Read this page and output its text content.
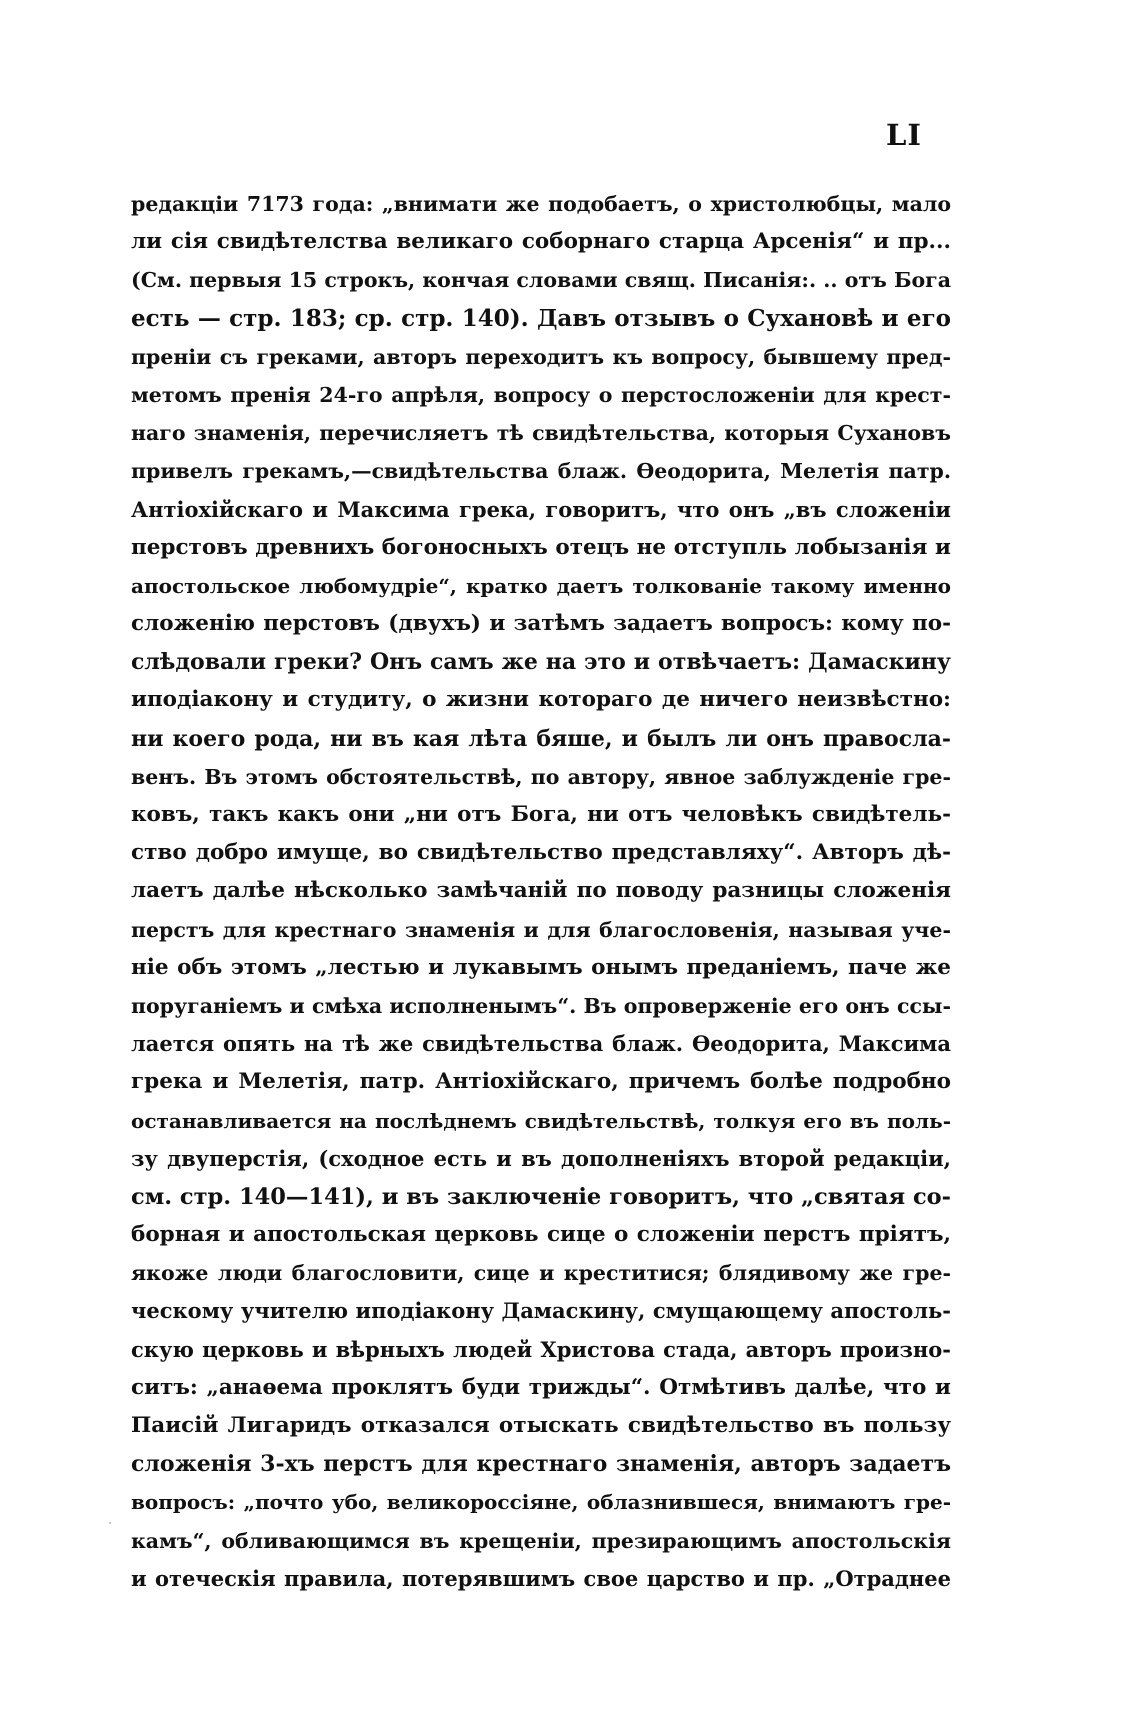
LI
редакціи 7173 года: „внимати же подобаетъ, о христолюбцы, мало
ли сія свидѣтелства великаго соборнаго старца Арсенія“ и пр...
(См. первыя 15 строкъ, кончая словами свящ. Писанія:. .. отъ Бога
есть — стр. 183; ср. стр. 140). Давъ отзывъ о Сухановѣ и его
преніи съ греками, авторъ переходитъ къ вопросу, бывшему пред-
метомъ пренія 24-го апрѣля, вопросу о перстосложеніи для крест-
наго знаменія, перечисляетъ тѣ свидѣтельства, которыя Сухановъ
привелъ грекамъ,—свидѣтельства блаж. Ѳеодорита, Мелетія патр.
Антіохійскаго и Максима грека, говоритъ, что онъ „въ сложеніи
перстовъ древнихъ богоносныхъ отецъ не отступль лобызанія и
апостольское любомудріе“, кратко даетъ толкованіе такому именно
сложенію перстовъ (двухъ) и затѣмъ задаетъ вопросъ: кому по-
слѣдовали греки? Онъ самъ же на это и отвѣчаетъ: Дамаскину
иподіакону и студиту, о жизни котораго де ничего неизвѣстно:
ни коего рода, ни въ кая лѣта бяше, и былъ ли онъ правосла-
венъ. Въ этомъ обстоятельствѣ, по автору, явное заблужденіе гре-
ковъ, такъ какъ они „ни отъ Бога, ни отъ человѣкъ свидѣтель-
ство добро имуще, во свидѣтельство представляху“. Авторъ дѣ-
лаетъ далѣе нѣсколько замѣчаній по поводу разницы сложенія
перстъ для крестнаго знаменія и для благословенія, называя уче-
ніе объ этомъ „лестью и лукавымъ онымъ преданіемъ, паче же
поруганіемъ и смѣха исполненымъ“. Въ опроверженіе его онъ ссы-
лается опять на тѣ же свидѣтельства блаж. Ѳеодорита, Максима
грека и Мелетія, патр. Антіохійскаго, причемъ болѣе подробно
останавливается на послѣднемъ свидѣтельствѣ, толкуя его въ поль-
зу двуперстія, (сходное есть и въ дополненіяхъ второй редакціи,
см. стр. 140—141), и въ заключеніе говоритъ, что „святая со-
борная и апостольская церковь сице о сложеніи перстъ пріятъ,
якоже люди благословити, сице и креститися; блядивому же гре-
ческому учителю иподіакону Дамаскину, смущающему апостоль-
скую церковь и вѣрныхъ людей Христова стада, авторъ произно-
ситъ: „анаѳема проклятъ буди трижды“. Отмѣтивъ далѣе, что и
Паисій Лигаридъ отказался отыскать свидѣтельство въ пользу
сложенія 3-хъ перстъ для крестнаго знаменія, авторъ задаетъ
вопросъ: „почто убо, великороссіяне, облазнившеся, внимаютъ гре-
камъ“, обливающимся въ крещеніи, презирающимъ апостольскія
и отеческія правила, потерявшимъ свое царство и пр. „Отраднее
